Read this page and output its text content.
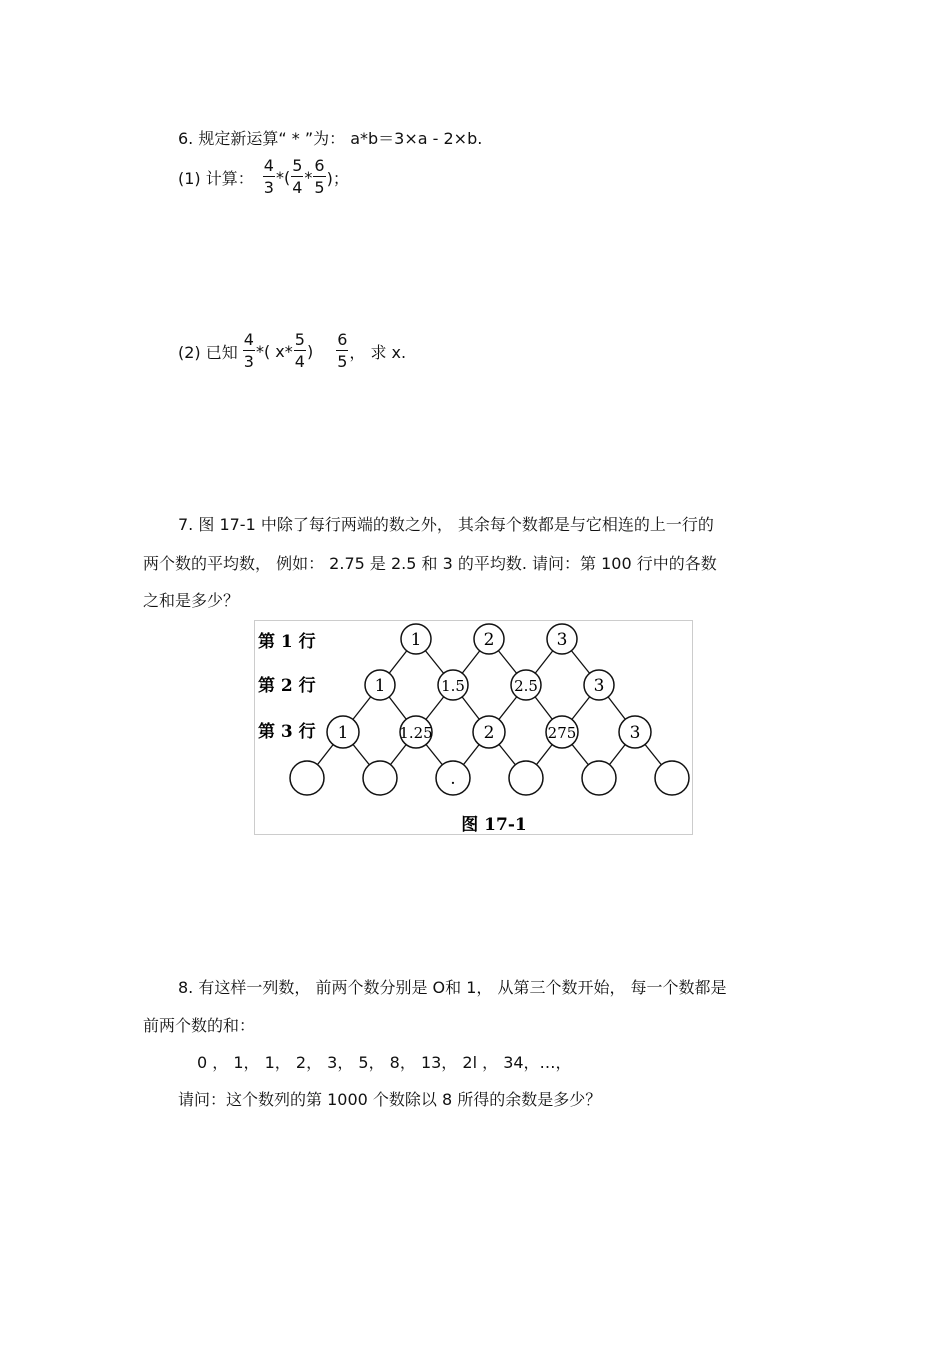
6. 规定新运算“ * ”为： a*b＝3×a - 2×b.
(1) 计算： $\frac{4}{3}$ *( $\frac{5}{4} * \frac{6}{5}$ )；
(2) 已知 $\frac{4}{3}$ *( $x* \frac{5}{4}$ ) $\frac{6}{5}$ ， 求 x.
7. 图 17-1 中除了每行两端的数之外， 其余每个数都是与它相连的上一行的
两个数的平均数， 例如： 2.75 是 2.5 和 3 的平均数. 请问：第 100 行中的各数
之和是多少？
1	2	3
1	1.5	2.5	3
1	1.25	2	275	3
.
第 1 行
第 2 行
第 3 行
图 17-1
8. 有这样一列数， 前两个数分别是 O和 1， 从第三个数开始， 每一个数都是
前两个数的和：
0 ， 1， 1， 2， 3， 5， 8， 13， 2l ， 34，…，
请问：这个数列的第 1000 个数除以 8 所得的余数是多少？
